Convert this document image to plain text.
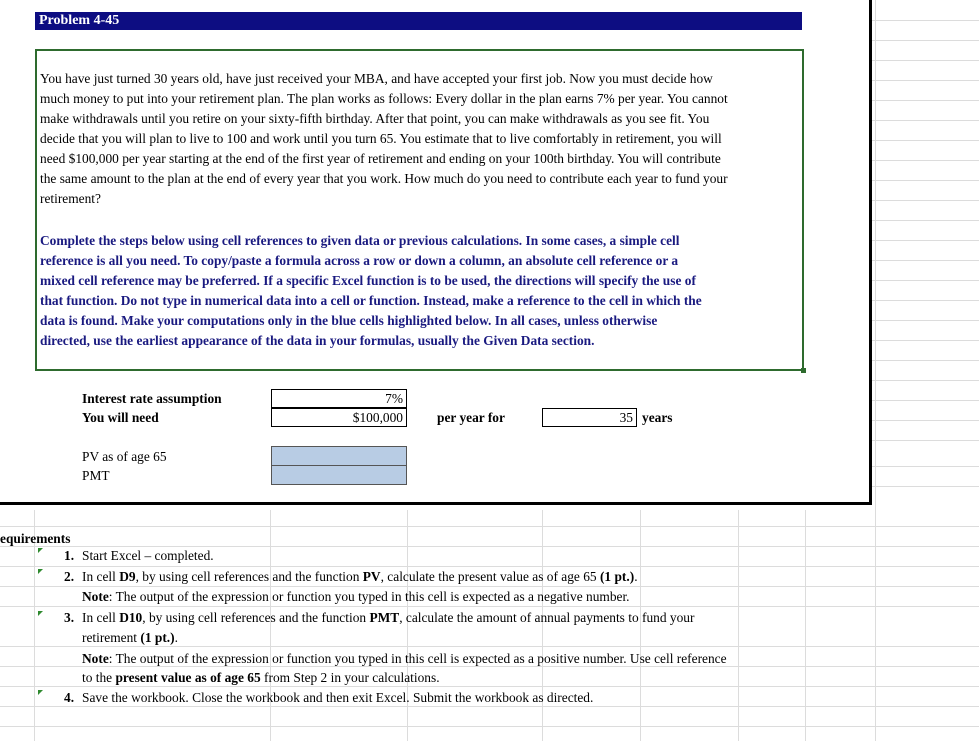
Problem 4-45
You have just turned 30 years old, have just received your MBA, and have accepted your first job. Now you must decide how
much money to put into your retirement plan. The plan works as follows: Every dollar in the plan earns 7% per year. You cannot
make withdrawals until you retire on your sixty-fifth birthday. After that point, you can make withdrawals as you see fit. You
decide that you will plan to live to 100 and work until you turn 65. You estimate that to live comfortably in retirement, you will
need $100,000 per year starting at the end of the first year of retirement and ending on your 100th birthday. You will contribute
the same amount to the plan at the end of every year that you work. How much do you need to contribute each year to fund your
retirement?
Complete the steps below using cell references to given data or previous calculations. In some cases, a simple cell
reference is all you need. To copy/paste a formula across a row or down a column, an absolute cell reference or a
mixed cell reference may be preferred. If a specific Excel function is to be used, the directions will specify the use of
that function. Do not type in numerical data into a cell or function. Instead, make a reference to the cell in which the
data is found. Make your computations only in the blue cells highlighted below. In all cases, unless otherwise
directed, use the earliest appearance of the data in your formulas, usually the Given Data section.
Interest rate assumption	7%
You will need	$100,000	per year for	35 years
PV as of age 65
PMT
equirements
1. Start Excel – completed.
2. In cell D9, by using cell references and the function PV, calculate the present value as of age 65 (1 pt.).
Note: The output of the expression or function you typed in this cell is expected as a negative number.
3. In cell D10, by using cell references and the function PMT, calculate the amount of annual payments to fund your
retirement (1 pt.).
Note: The output of the expression or function you typed in this cell is expected as a positive number. Use cell reference
to the present value as of age 65 from Step 2 in your calculations.
4. Save the workbook. Close the workbook and then exit Excel. Submit the workbook as directed.
